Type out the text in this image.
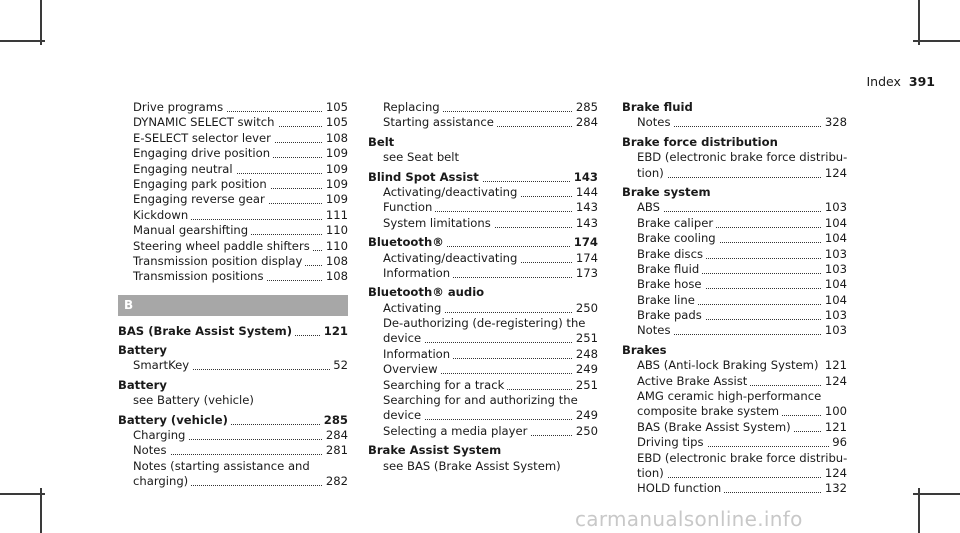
Index 391
Drive programs	105
DYNAMIC SELECT switch	105
E-SELECT selector lever	108
Engaging drive position	109
Engaging neutral	109
Engaging park position	109
Engaging reverse gear	109
Kickdown	111
Manual gearshifting	110
Steering wheel paddle shifters 110
Transmission position display 108
Transmission positions	108
B
BAS (Brake Assist System)	121
Battery
SmartKey	52
Battery
see Battery (vehicle)
Battery (vehicle)	285
Charging	284
Notes	281
Notes (starting assistance and
charging)	282
Replacing	285
Starting assistance	284
Belt
see Seat belt
Blind Spot Assist	143
Activating/deactivating	144
Function	143
System limitations	143
Bluetooth®	174
Activating/deactivating	174
Information	173
Bluetooth® audio
Activating	250
De-authorizing (de-registering) the
device	251
Information	248
Overview	249
Searching for a track	251
Searching for and authorizing the
device	249
Selecting a media player	250
Brake Assist System
see BAS (Brake Assist System)
Brake fluid
Notes	328
Brake force distribution
EBD (electronic brake force distribu-
tion)	124
Brake system
ABS	103
Brake caliper	104
Brake cooling	104
Brake discs	103
Brake fluid	103
Brake hose	104
Brake line	104
Brake pads	103
Notes	103
Brakes
ABS (Anti-lock Braking System) 121
Active Brake Assist	124
AMG ceramic high-performance
composite brake system	100
BAS (Brake Assist System)	121
Driving tips	96
EBD (electronic brake force distribu-
tion)	124
HOLD function	132
carmanualsonline.info
